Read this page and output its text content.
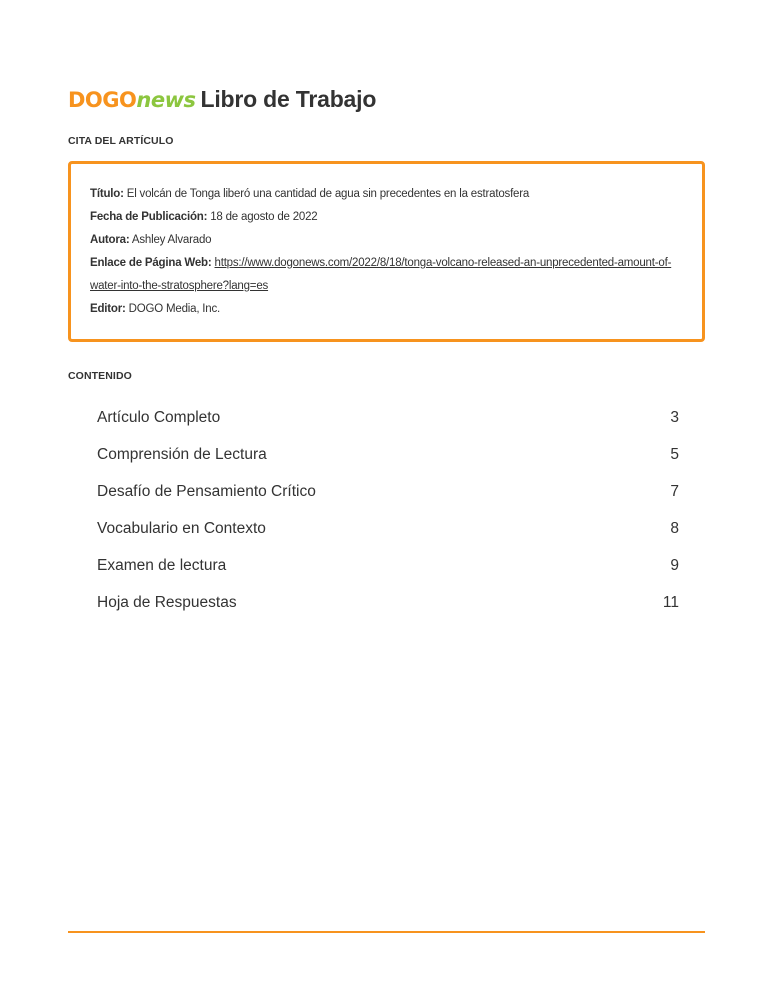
DOGOnews Libro de Trabajo
CITA DEL ARTÍCULO
Título: El volcán de Tonga liberó una cantidad de agua sin precedentes en la estratosfera
Fecha de Publicación: 18 de agosto de 2022
Autora: Ashley Alvarado
Enlace de Página Web: https://www.dogonews.com/2022/8/18/tonga-volcano-released-an-unprecedented-amount-of-
water-into-the-stratosphere?lang=es
Editor: DOGO Media, Inc.
CONTENIDO
Artículo Completo	3
Comprensión de Lectura	5
Desafío de Pensamiento Crítico	7
Vocabulario en Contexto	8
Examen de lectura	9
Hoja de Respuestas	11
